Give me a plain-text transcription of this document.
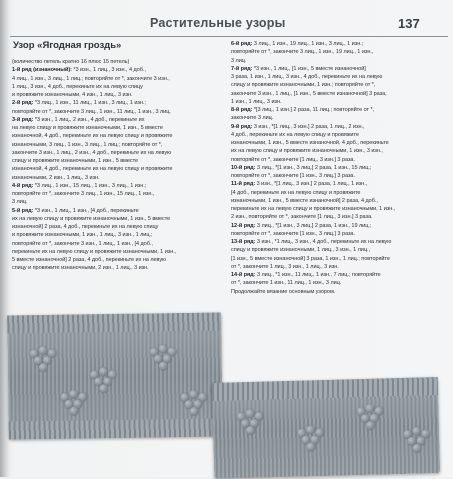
Растительные узоры	137
Узор «Ягодная гроздь»
(количество петель кратно 16 плюс 15 петель)
1-й ряд (изнаночный): *3 изн., 1 лиц., 3 изн., 4 доб.,
4 лиц., 1 изн., 3 лиц., 1 лиц.; повторяйте от *, закончите 3 изн.,
1 лиц., 3 изн., 4 доб., перекиньте их на левую спицу
и провяжите изнаночными, 4 изн., 1 лиц., 3 изн.
2-й ряд: *3 лиц., 1 изн., 11 лиц., 1 изн., 3 лиц., 1 изн.;
повторяйте от *, закончите 3 лиц., 1 изн., 11 лиц., 1 изн., 3 лиц.
3-й ряд: *3 изн., 1 лиц., 2 изн., 4 доб., перекиньте их
на левую спицу и провяжите изнаночными, 1 изн., 5 вместе
изнаночной, 4 доб., перекиньте их на левую спицу и провяжите
изнаночными, 3 лиц., 1 изн., 3 лиц., 1 лиц.; повторяйте от *,
закончите 3 изн., 1 лиц., 2 изн., 4 доб., перекиньте их на левую
спицу и провяжите изнаночными, 1 изн., 5 вместе
изнаночной, 4 доб., перекиньте их на левую спицу и провяжите
изнаночными, 2 изн., 1 лиц., 3 изн.
4-й ряд: *3 лиц., 1 изн., 15 лиц., 1 изн., 3 лиц., 1 изн.;
повторяйте от *, закончите 3 лиц., 1 изн., 15 лиц., 1 изн.,
3 лиц.
5-й ряд: *3 изн., 1 лиц., 1 изн., [4 доб., перекиньте
их на левую спицу и провяжите изнаночными, 1 изн., 5 вместе
изнаночной] 2 раза, 4 доб., перекиньте их на левую спицу
и провяжите изнаночными, 1 изн., 1 лиц., 3 изн., 1 лиц.;
повторяйте от *, закончите 3 изн., 1 лиц., 1 изн., [4 доб.,
перекиньте их на левую спицу и провяжите изнаночными, 1 изн.,
5 вместе изнаночной] 2 раза, 4 доб., перекиньте их на левую
спицу и провяжите изнаночными, 2 изн., 1 лиц., 3 изн.
6-й ряд: 3 лиц., 1 изн., 19 лиц., 1 изн., 3 лиц., 1 изн.;
повторяйте от *, закончите 3 лиц., 1 изн., 19 лиц., 1 изн.,
3 лиц.
7-й ряд: *3 изн., 1 лиц., [1 изн., 5 вместе изнаночной]
3 раза, 1 изн., 1 лиц., 3 изн., 4 доб., перекиньте их на левую
спицу и провяжите изнаночными, 1 изн.; повторяйте от *,
закончите 3 изн., 1 лиц., [1 изн., 5 вместе изнаночной] 3 раза,
1 изн., 1 лиц., 3 изн.
8-й ряд: *[3 лиц., 1 изн.] 2 раза, 11 лиц.; повторяйте от *,
закончите 3 лиц.
9-й ряд: 3 изн., *[1 лиц., 3 изн.] 2 раза, 1 лиц., 2 изн.,
4 доб., перекиньте их на левую спицу и провяжите
изнаночными, 1 изн., 5 вместе изнаночной, 4 доб., перекиньте
их на левую спицу и провяжите изнаночными, 1 изн., 3 изн.,
повторяйте от *, закончите [1 лиц., 3 изн.] 3 раза.
10-й ряд: 3 лиц., *[1 изн., 3 лиц.] 2 раза, 1 изн., 15 лиц.;
повторяйте от *, закончите [1 изн., 3 лиц.] 3 раза.
11-й ряд: 3 изн., *[1 лиц., 3 изн.] 2 раза, 1 лиц., 1 изн.,
[4 доб., перекиньте их на левую спицу и провяжите
изнаночными, 1 изн., 5 вместе изнаночной] 2 раза, 4 доб.,
перекиньте их на левую спицу и провяжите изнаночными, 1 изн.,
2 изн., повторяйте от *, закончите [1 лиц., 3 изн.] 3 раза.
12-й ряд: 3 лиц., *[1 изн., 3 лиц.] 2 раза, 1 изн., 19 лиц.;
повторяйте от *, закончите [1 изн., 3 лиц.] 3 раза.
13-й ряд: 3 изн., *1 лиц., 3 изн., 4 доб., перекиньте их на левую
спицу и провяжите изнаночными, 1 лиц., 3 изн., 1 лиц.,
[1 изн., 5 вместе изнаночной] 3 раза, 1 изн., 1 лиц.; повторяйте
от *, закончите 1 лиц., 3 изн., 1 лиц., 3 изн.
14-й ряд: 3 лиц., *1 изн., 11 лиц., 1 изн., 7 лиц.; повторяйте
от *, закончите 1 изн., 11 лиц., 1 изн., 3 лиц.
Продолжайте вязание основным узором.
